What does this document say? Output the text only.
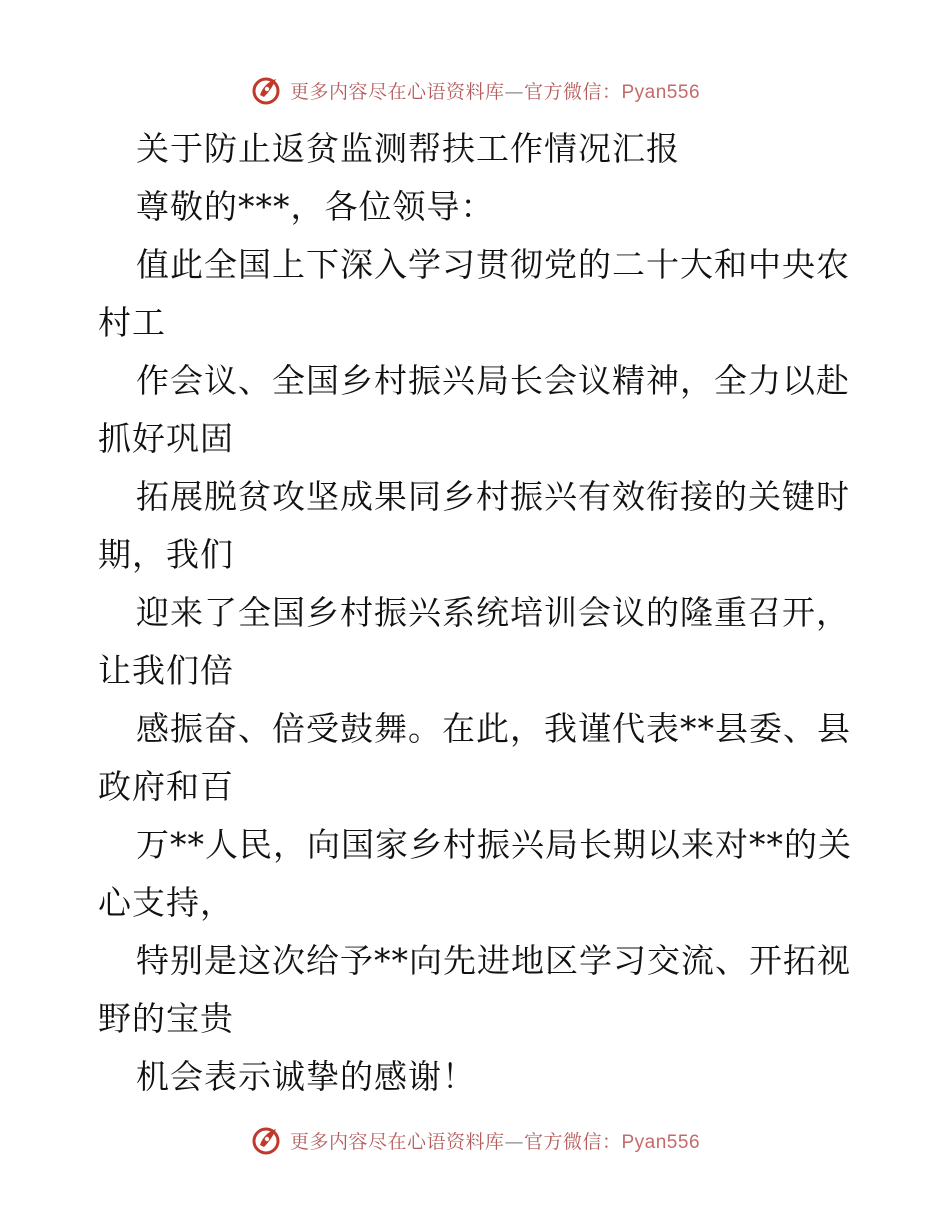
更多内容尽在心语资料库—官方微信：Pyan556
关于防止返贫监测帮扶工作情况汇报
尊敬的***，各位领导：
值此全国上下深入学习贯彻党的二十大和中央农
村工
作会议、全国乡村振兴局长会议精神，全力以赴
抓好巩固
拓展脱贫攻坚成果同乡村振兴有效衔接的关键时
期，我们
迎来了全国乡村振兴系统培训会议的隆重召开，
让我们倍
感振奋、倍受鼓舞。在此，我谨代表**县委、县
政府和百
万**人民，向国家乡村振兴局长期以来对**的关
心支持，
特别是这次给予**向先进地区学习交流、开拓视
野的宝贵
机会表示诚挚的感谢！
更多内容尽在心语资料库—官方微信：Pyan556
